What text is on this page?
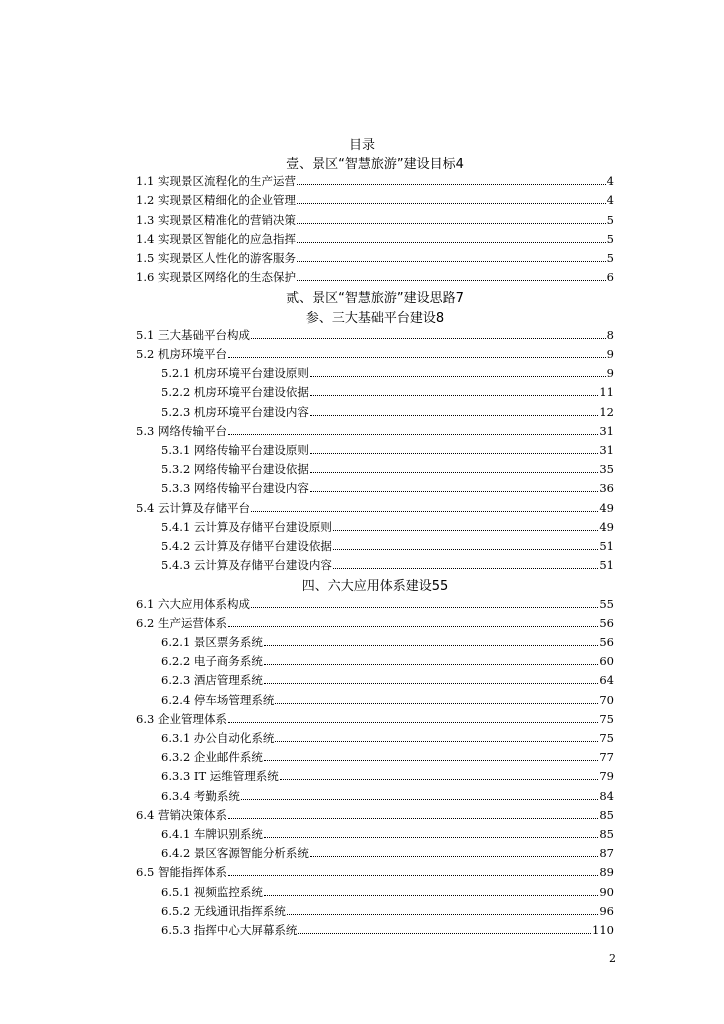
目录
壹、景区“智慧旅游”建设目标4
1.1 实现景区流程化的生产运营	4
1.2 实现景区精细化的企业管理	4
1.3 实现景区精准化的营销决策	5
1.4 实现景区智能化的应急指挥	5
1.5 实现景区人性化的游客服务	5
1.6 实现景区网络化的生态保护	6
贰、景区“智慧旅游”建设思路7
参、三大基础平台建设8
5.1 三大基础平台构成	8
5.2 机房环境平台	9
5.2.1 机房环境平台建设原则	9
5.2.2 机房环境平台建设依据	11
5.2.3 机房环境平台建设内容	12
5.3 网络传输平台	31
5.3.1 网络传输平台建设原则	31
5.3.2 网络传输平台建设依据	35
5.3.3 网络传输平台建设内容	36
5.4 云计算及存储平台	49
5.4.1 云计算及存储平台建设原则	49
5.4.2 云计算及存储平台建设依据	51
5.4.3 云计算及存储平台建设内容	51
四、六大应用体系建设55
6.1 六大应用体系构成	55
6.2 生产运营体系	56
6.2.1 景区票务系统	56
6.2.2 电子商务系统	60
6.2.3 酒店管理系统	64
6.2.4 停车场管理系统	70
6.3 企业管理体系	75
6.3.1 办公自动化系统	75
6.3.2 企业邮件系统	77
6.3.3 IT 运维管理系统	79
6.3.4 考勤系统	84
6.4 营销决策体系	85
6.4.1 车牌识别系统	85
6.4.2 景区客源智能分析系统	87
6.5 智能指挥体系	89
6.5.1 视频监控系统	90
6.5.2 无线通讯指挥系统	96
6.5.3 指挥中心大屏幕系统	110
2
